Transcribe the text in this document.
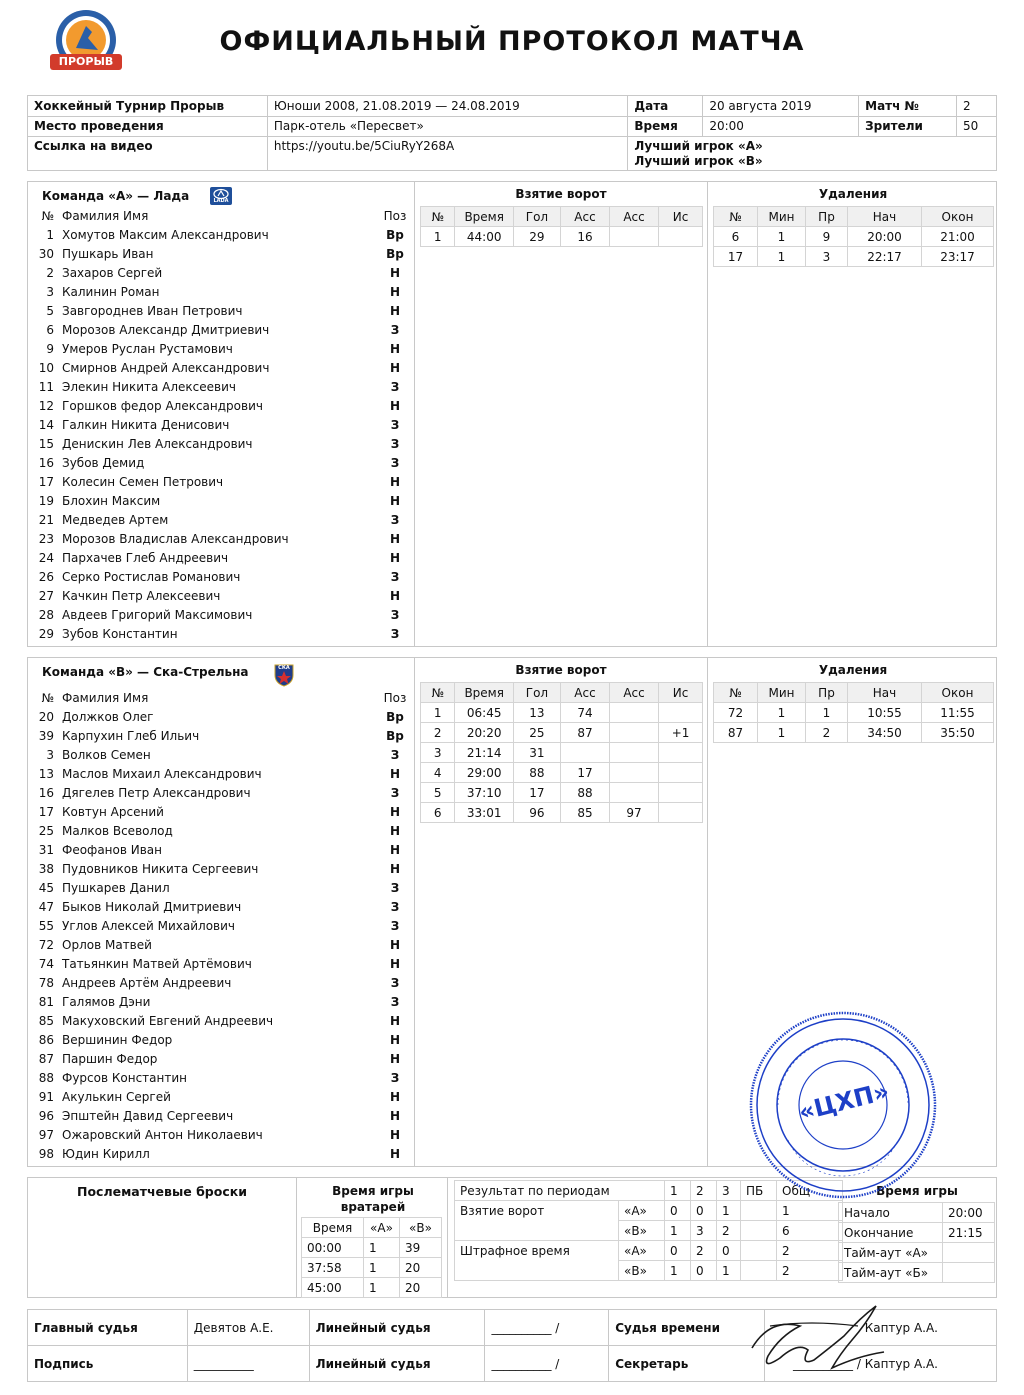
ПРОРЫВ
ОФИЦИАЛЬНЫЙ ПРОТОКОЛ МАТЧА
Хоккейный Турнир Прорыв	Юноши 2008, 21.08.2019 — 24.08.2019	Дата	20 августа 2019	Матч №	2
Место проведения	Парк-отель «Пересвет»	Время	20:00	Зрители	50
Ссылка на видео	https://youtu.be/5CiuRyY268A	Лучший игрок «А»
Лучший игрок «В»			
Команда «А» — Лада	LADA
№ Фамилия Имя	Поз
1 Хомутов Максим Александрович	Вр
30 Пушкарь Иван	Вр
2 Захаров Сергей	Н
3 Калинин Роман	Н
5 Завгороднев Иван Петрович	Н
6 Морозов Александр Дмитриевич	З
9 Умеров Руслан Рустамович	Н
10 Смирнов Андрей Александрович	Н
11 Элекин Никита Алексеевич	З
12 Горшков федор Александрович	Н
14 Галкин Никита Денисович	З
15 Денискин Лев Александрович	З
16 Зубов Демид	З
17 Колесин Семен Петрович	Н
19 Блохин Максим	Н
21 Медведев Артем	З
23 Морозов Владислав Александрович	Н
24 Пархачев Глеб Андреевич	Н
26 Серко Ростислав Романович	З
27 Качкин Петр Алексеевич	Н
28 Авдеев Григорий Максимович	З
29 Зубов Константин	З
Взятие ворот
№	Время	Гол	Асс	Асс	Ис
1	44:00	29	16		
Удаления
№	Мин	Пр	Нач	Окон
6	1	9	20:00	21:00
17	1	3	22:17	23:17
Команда «В» — Ска-Стрельна	СКА
№ Фамилия Имя	Поз
20 Должков Олег	Вр
39 Карпухин Глеб Ильич	Вр
3 Волков Семен	З
13 Маслов Михаил Александрович	Н
16 Дягелев Петр Александрович	З
17 Ковтун Арсений	Н
25 Малков Всеволод	Н
31 Феофанов Иван	Н
38 Пудовников Никита Сергеевич	Н
45 Пушкарев Данил	З
47 Быков Николай Дмитриевич	З
55 Углов Алексей Михайлович	З
72 Орлов Матвей	Н
74 Татьянкин Матвей Артёмович	Н
78 Андреев Артём Андреевич	З
81 Галямов Дэни	З
85 Макуховский Евгений Андреевич	Н
86 Вершинин Федор	Н
87 Паршин Федор	Н
88 Фурсов Константин	З
91 Акулькин Сергей	Н
96 Эпштейн Давид Сергеевич	Н
97 Ожаровский Антон Николаевич	Н
98 Юдин Кирилл	Н
Взятие ворот
№	Время	Гол	Асс	Асс	Ис
1	06:45	13	74		
2	20:20	25	87		+1
3	21:14	31			
4	29:00	88	17		
5	37:10	17	88		
6	33:01	96	85	97	
Удаления
№	Мин	Пр	Нач	Окон
72	1	1	10:55	11:55
87	1	2	34:50	35:50
Послематчевые броски	Время игры вратарей
Время	«А»	«В»
00:00	1	39
37:58	1	20
45:00	1	20
Результат по периодам		1	2	3	ПБ	Общ
Взятие ворот	«А»	0	0	1		1
	«В»	1	3	2		6
Штрафное время	«А»	0	2	0		2
	«В»	1	0	1		2
Время игры
Начало	20:00
Окончание	21:15
Тайм-аут «А»	
Тайм-аут «Б»	
Главный судья	Девятов А.Е.	Линейный судья	__________ /	Судья времени	Каптур А.А.
Подпись	__________	Линейный судья	__________ /	Секретарь	__________ / Каптур А.А.
«ЦХП»
